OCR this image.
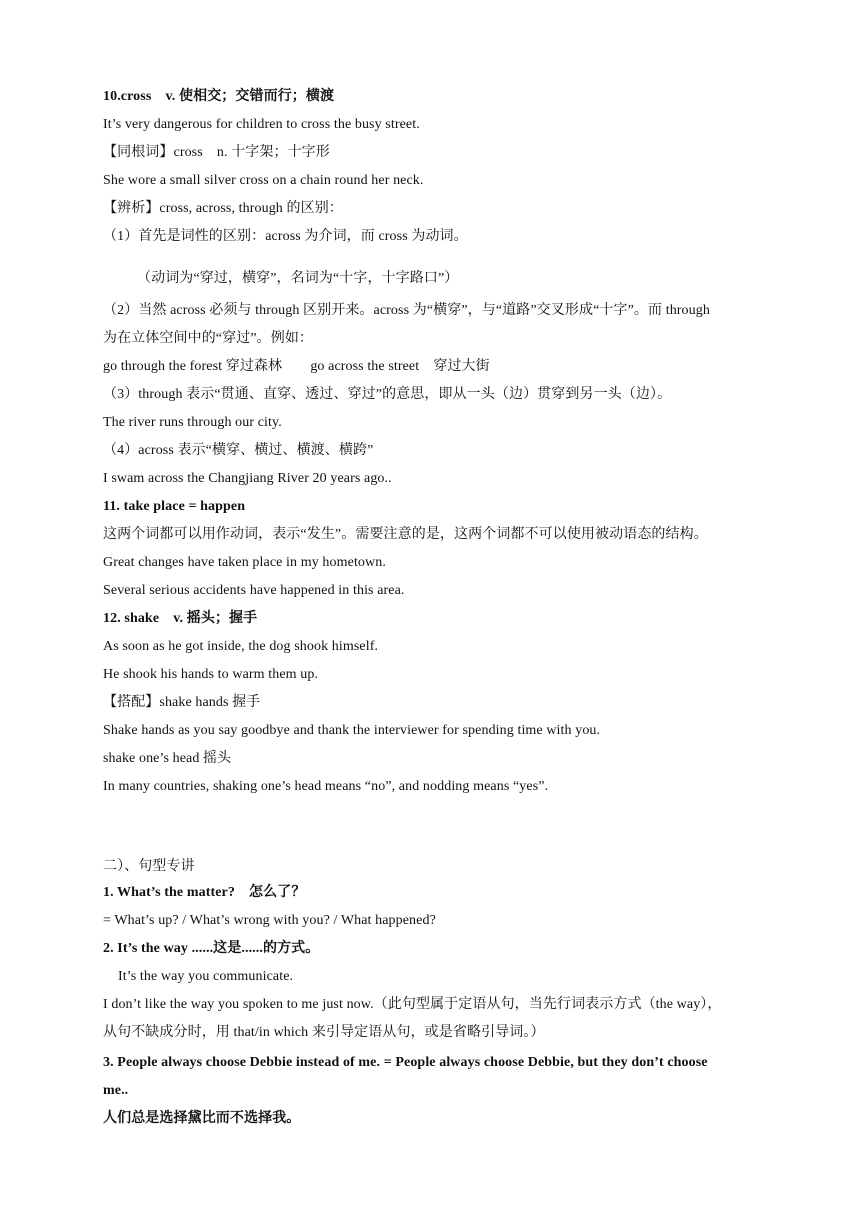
10.cross　v. 使相交；交错而行；横渡
It’s very dangerous for children to cross the busy street.
【同根词】cross　n. 十字架；十字形
She wore a small silver cross on a chain round her neck.
【辨析】cross, across, through 的区别：
（1）首先是词性的区别：across 为介词，而 cross 为动词。
（动词为“穿过，横穿”，名词为“十字，十字路口”）
（2）当然 across 必须与 through 区别开来。across 为“横穿”，与“道路”交叉形成“十字”。而 through
为在立体空间中的“穿过”。例如：
go through the forest 穿过森林　　go across the street　穿过大街
（3）through 表示“贯通、直穿、透过、穿过”的意思，即从一头（边）贯穿到另一头（边）。
The river runs through our city.
（4）across 表示“横穿、横过、横渡、横跨”
I swam across the Changjiang River 20 years ago..
11. take place = happen
这两个词都可以用作动词，表示“发生”。需要注意的是，这两个词都不可以使用被动语态的结构。
Great changes have taken place in my hometown.
Several serious accidents have happened in this area.
12. shake　v. 摇头；握手
As soon as he got inside, the dog shook himself.
He shook his hands to warm them up.
【搭配】shake hands 握手
Shake hands as you say goodbye and thank the interviewer for spending time with you.
shake one’s head 摇头
In many countries, shaking one’s head means “no”, and nodding means “yes”.
二）、句型专讲
1. What’s the matter?　怎么了？
= What’s up? / What’s wrong with you? / What happened?
2. It’s the way ......这是......的方式。
It’s the way you communicate.
I don’t like the way you spoken to me just now.（此句型属于定语从句，当先行词表示方式（the way），
从句不缺成分时，用 that/in which 来引导定语从句，或是省略引导词。）
3. People always choose Debbie instead of me. = People always choose Debbie, but they don’t choose
me..
人们总是选择黛比而不选择我。
